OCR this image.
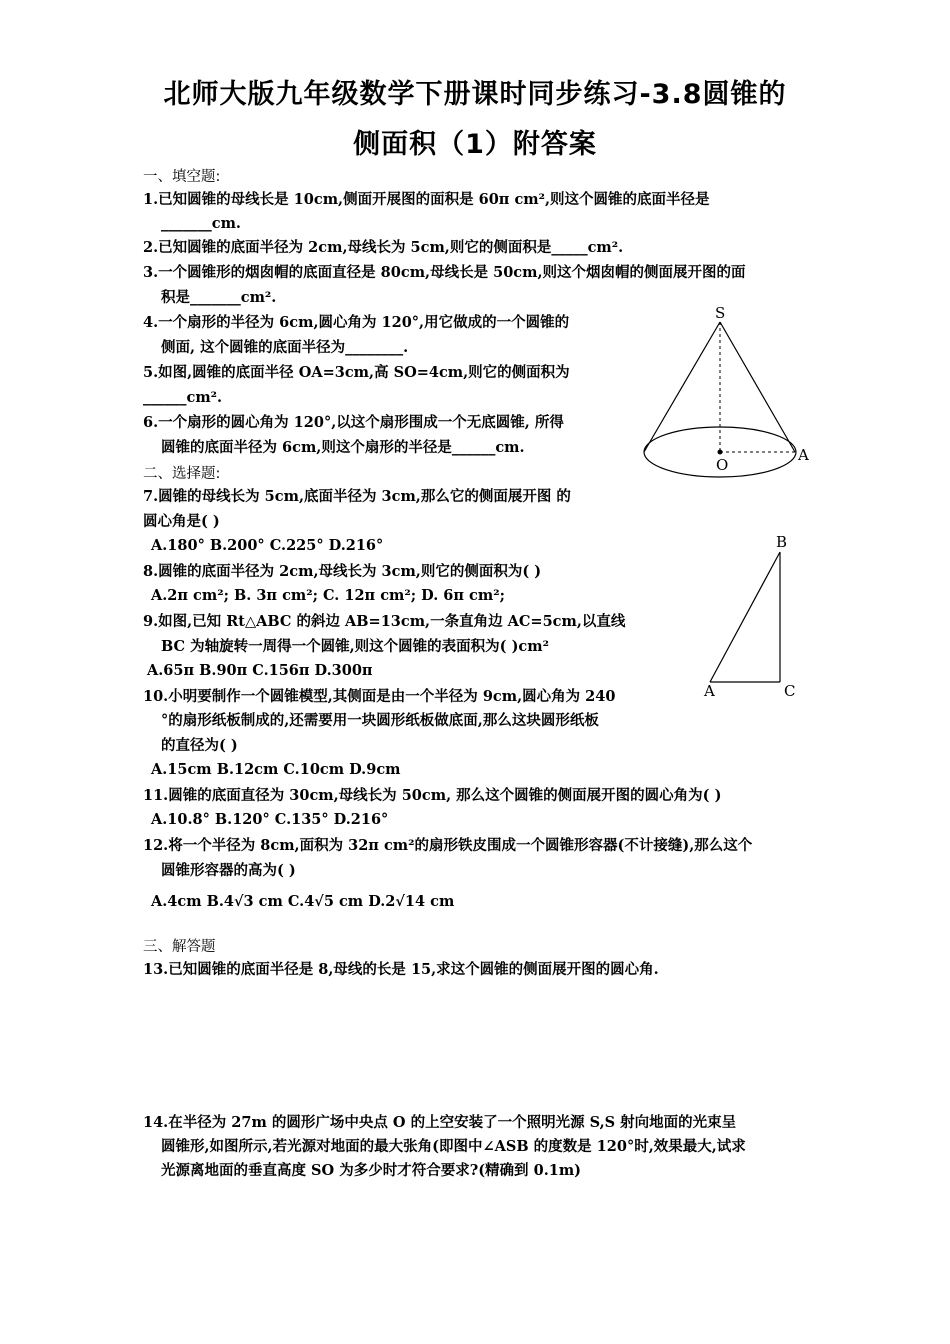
北师大版九年级数学下册课时同步练习-3.8圆锥的
侧面积（1）附答案
一、填空题:
1.已知圆锥的母线长是 10cm,侧面开展图的面积是 60π cm²,则这个圆锥的底面半径是
_______cm.
2.已知圆锥的底面半径为 2cm,母线长为 5cm,则它的侧面积是_____cm².
3.一个圆锥形的烟囱帽的底面直径是 80cm,母线长是 50cm,则这个烟囱帽的侧面展开图的面
积是_______cm².
4.一个扇形的半径为 6cm,圆心角为 120°,用它做成的一个圆锥的
侧面, 这个圆锥的底面半径为________.
5.如图,圆锥的底面半径 OA=3cm,高 SO=4cm,则它的侧面积为
______cm².
6.一个扇形的圆心角为 120°,以这个扇形围成一个无底圆锥, 所得
圆锥的底面半径为 6cm,则这个扇形的半径是______cm.
二、选择题:
7.圆锥的母线长为 5cm,底面半径为 3cm,那么它的侧面展开图 的
圆心角是( )
A.180° B.200° C.225° D.216°
8.圆锥的底面半径为 2cm,母线长为 3cm,则它的侧面积为( )
A.2π cm²; B. 3π cm²; C. 12π cm²; D. 6π cm²;
9.如图,已知 Rt△ABC 的斜边 AB=13cm,一条直角边 AC=5cm,以直线
BC 为轴旋转一周得一个圆锥,则这个圆锥的表面积为( )cm²
A.65π B.90π C.156π D.300π
10.小明要制作一个圆锥模型,其侧面是由一个半径为 9cm,圆心角为 240
°的扇形纸板制成的,还需要用一块圆形纸板做底面,那么这块圆形纸板
的直径为( )
A.15cm B.12cm C.10cm D.9cm
11.圆锥的底面直径为 30cm,母线长为 50cm, 那么这个圆锥的侧面展开图的圆心角为( )
A.10.8° B.120° C.135° D.216°
12.将一个半径为 8cm,面积为 32π cm²的扇形铁皮围成一个圆锥形容器(不计接缝),那么这个
圆锥形容器的高为( )
A.4cm B.4√3 cm C.4√5 cm D.2√14 cm
三、解答题
13.已知圆锥的底面半径是 8,母线的长是 15,求这个圆锥的侧面展开图的圆心角.
14.在半径为 27m 的圆形广场中央点 O 的上空安装了一个照明光源 S,S 射向地面的光束呈
圆锥形,如图所示,若光源对地面的最大张角(即图中∠ASB 的度数是 120°时,效果最大,试求
光源离地面的垂直高度 SO 为多少时才符合要求?(精确到 0.1m)
S
O
A
B
A	C
